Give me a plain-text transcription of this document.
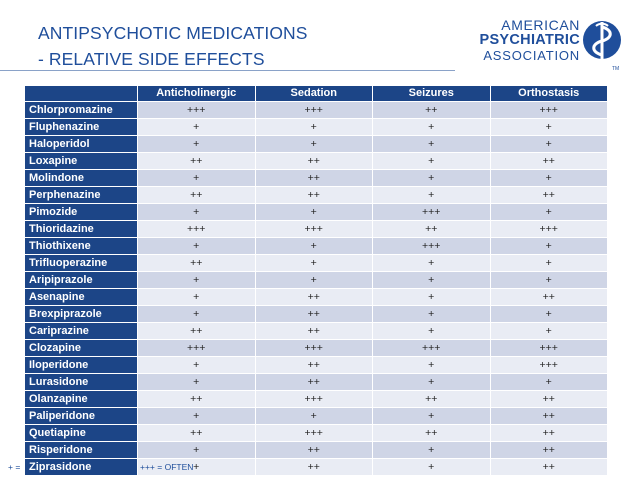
ANTIPSYCHOTIC MEDICATIONS
- RELATIVE SIDE EFFECTS
AMERICAN
PSYCHIATRIC
ASSOCIATION
TM
	Anticholinergic	Sedation	Seizures	Orthostasis
Chlorpromazine	+++	+++	++	+++
Fluphenazine	+	+	+	+
Haloperidol	+	+	+	+
Loxapine	++	++	+	++
Molindone	+	++	+	+
Perphenazine	++	++	+	++
Pimozide	+	+	+++	+
Thioridazine	+++	+++	++	+++
Thiothixene	+	+	+++	+
Trifluoperazine	++	+	+	+
Aripiprazole	+	+	+	+
Asenapine	+	++	+	++
Brexpiprazole	+	++	+	+
Cariprazine	++	++	+	+
Clozapine	+++	+++	+++	+++
Iloperidone	+	++	+	+++
Lurasidone	+	++	+	+
Olanzapine	++	+++	++	++
Paliperidone	+	+	+	++
Quetiapine	++	+++	++	++
Risperidone	+	++	+	++
Ziprasidone	+	++	+	++
+ =	+++ = OFTEN
